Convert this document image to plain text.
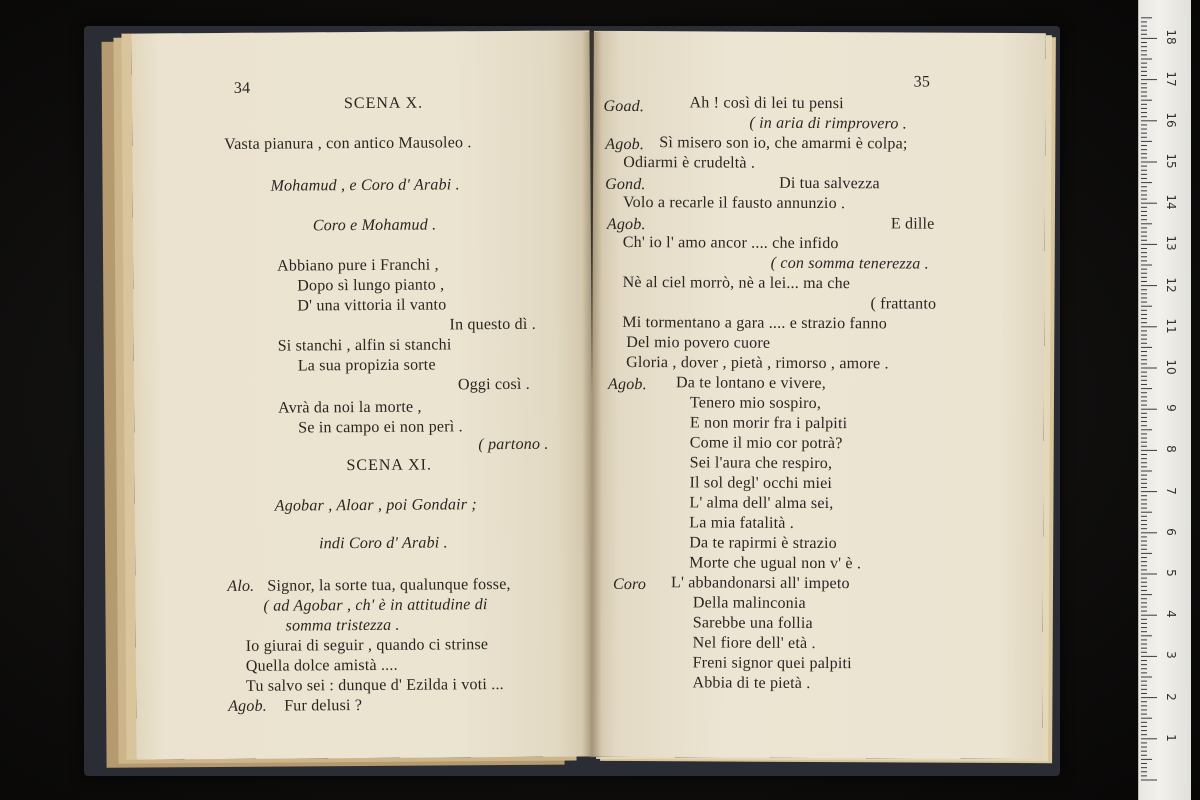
34
SCENA X.
Vasta pianura , con antico Mausoleo .
Mohamud , e Coro d' Arabi .
Coro e Mohamud .
Abbiano pure i Franchi ,
Dopo sì lungo pianto ,
D' una vittoria il vanto
In questo dì .
Si stanchi , alfin si stanchi
La sua propizia sorte
Oggi così .
Avrà da noi la morte ,
Se in campo ei non perì .
( partono .
SCENA XI.
Agobar , Aloar , poi Gondair ;
indi Coro d' Arabi .
Alo. Signor, la sorte tua, qualunque fosse,
( ad Agobar , ch' è in attitudine di
somma tristezza .
Io giurai di seguir , quando ci strinse
Quella dolce amistà ....
Tu salvo sei : dunque d' Ezilda i voti ...
Agob. Fur delusi ?
35
Goad.	Ah ! così di lei tu pensi
( in aria di rimprovero .
Agob. Sì misero son io, che amarmi è colpa;
Odiarmi è crudeltà .
Gond.	Di tua salvezza
Volo a recarle il fausto annunzio .
Agob.	E dille
Ch' io l' amo ancor .... che infido
( con somma tenerezza .
Nè al ciel morrò, nè a lei... ma che
( frattanto
Mi tormentano a gara .... e strazio fanno
Del mio povero cuore
Gloria , dover , pietà , rimorso , amore .
Agob. Da te lontano e vivere,
Tenero mio sospiro,
E non morir fra i palpiti
Come il mio cor potrà?
Sei l'aura che respiro,
Il sol degl' occhi miei
L' alma dell' alma sei,
La mia fatalità .
Da te rapirmi è strazio
Morte che ugual non v' è .
Coro L' abbandonarsi all' impeto
Della malinconia
Sarebbe una follia
Nel fiore dell' età .
Freni signor quei palpiti
Abbia di te pietà .
1
2
3
4
5
6
7
8
9
10
11
12
13
14
15
16
17
18
